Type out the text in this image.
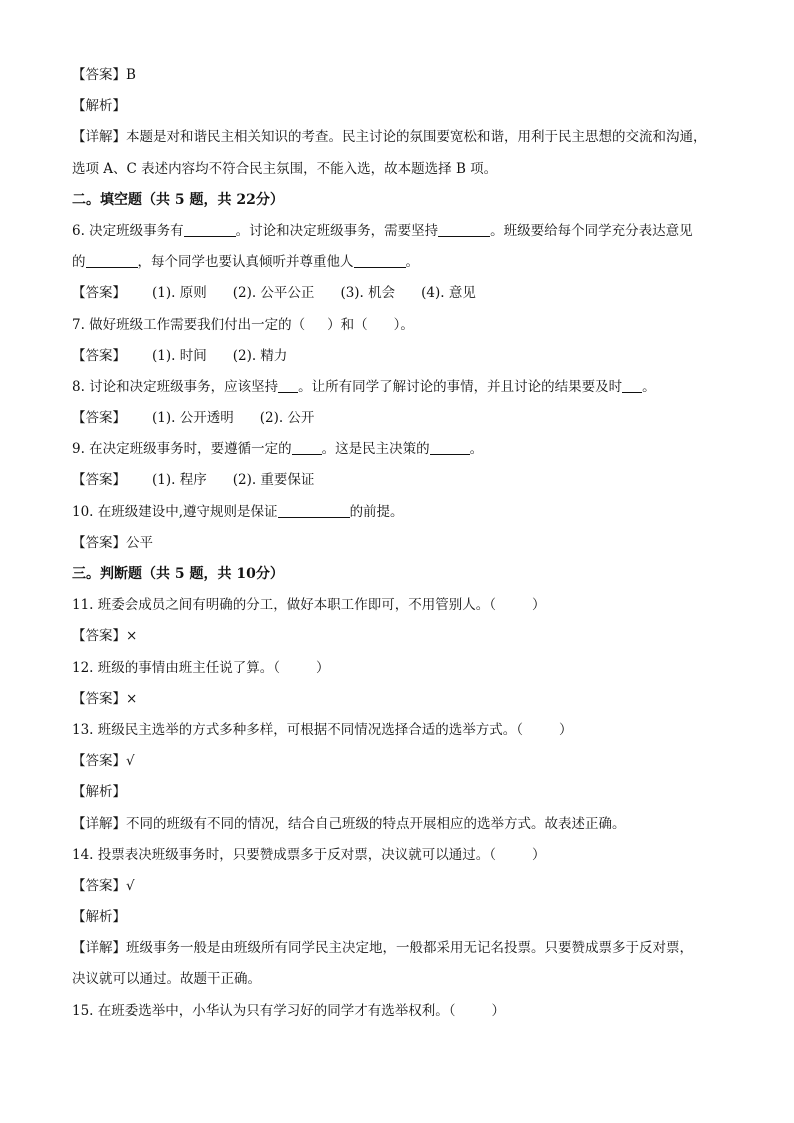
【答案】B
【解析】
【详解】本题是对和谐民主相关知识的考查。民主讨论的氛围要宽松和谐，用利于民主思想的交流和沟通，
选项 A、C 表述内容均不符合民主氛围，不能入选，故本题选择 B 项。
二。填空题（共 5 题，共 22分）
6. 决定班级事务有	。讨论和决定班级事务，需要坚持	。班级要给每个同学充分表达意见
的	，每个同学也要认真倾听并尊重他人	。
【答案】 (1). 原则 (2). 公平公正 (3). 机会 (4). 意见
7. 做好班级工作需要我们付出一定的（ ）和（ ）。
【答案】 (1). 时间 (2). 精力
8. 讨论和决定班级事务，应该坚持 。让所有同学了解讨论的事情，并且讨论的结果要及时 。
【答案】 (1). 公开透明 (2). 公开
9. 在决定班级事务时，要遵循一定的 。这是民主决策的	。
【答案】 (1). 程序 (2). 重要保证
10. 在班级建设中,遵守规则是保证	的前提。
【答案】公平
三。判断题（共 5 题，共 10分）
11. 班委会成员之间有明确的分工，做好本职工作即可，不用管别人。（	）
【答案】×
12. 班级的事情由班主任说了算。（	）
【答案】×
13. 班级民主选举的方式多种多样，可根据不同情况选择合适的选举方式。（	）
【答案】√
【解析】
【详解】不同的班级有不同的情况，结合自己班级的特点开展相应的选举方式。故表述正确。
14. 投票表决班级事务时，只要赞成票多于反对票，决议就可以通过。（	）
【答案】√
【解析】
【详解】班级事务一般是由班级所有同学民主决定地，一般都采用无记名投票。只要赞成票多于反对票，
决议就可以通过。故题干正确。
15. 在班委选举中，小华认为只有学习好的同学才有选举权利。（	）
